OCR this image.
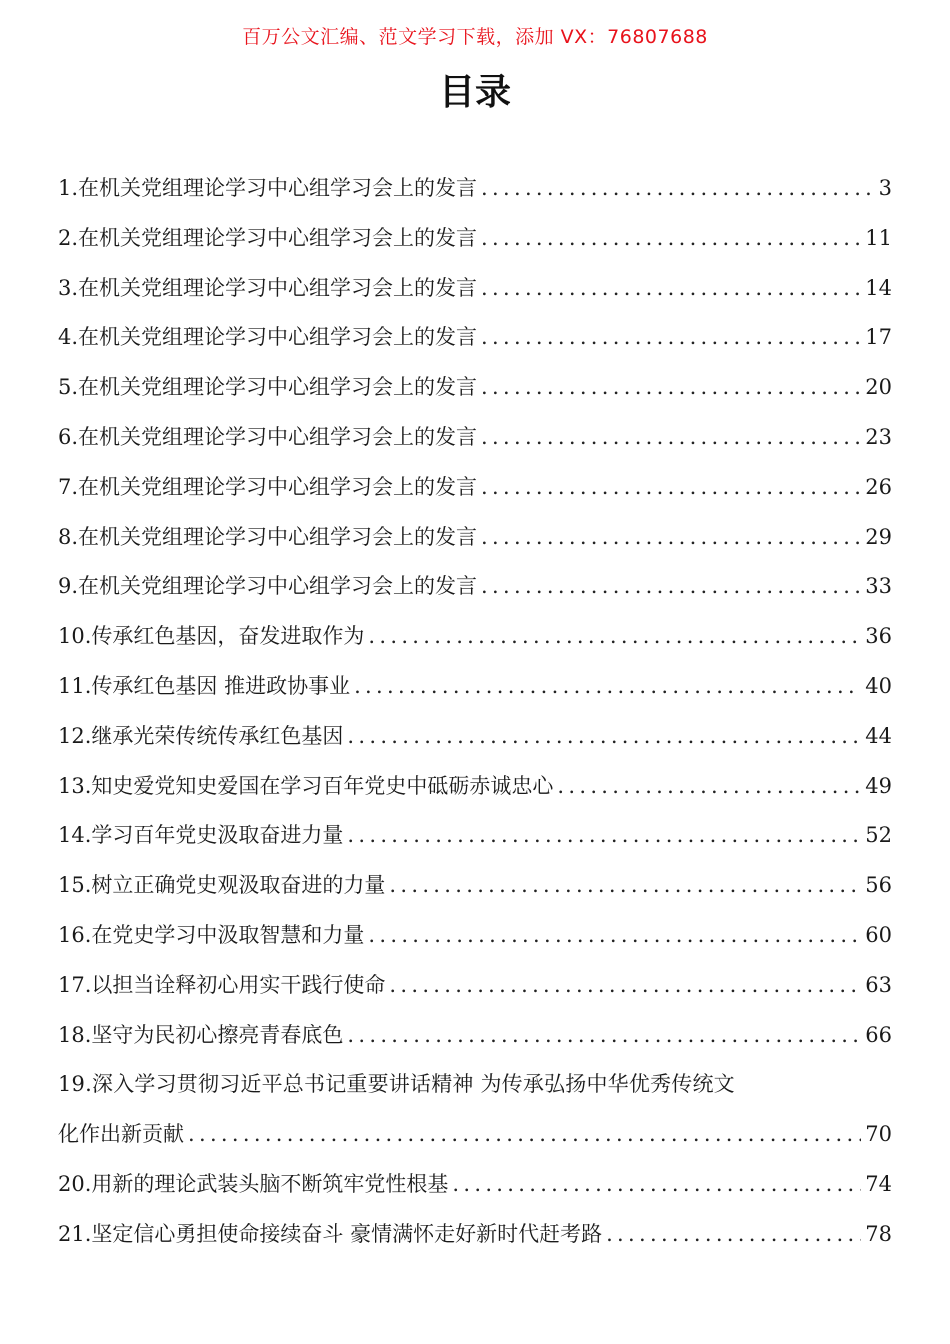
百万公文汇编、范文学习下载，添加 VX：76807688
目录
1.在机关党组理论学习中心组学习会上的发言 .....	3
2.在机关党组理论学习中心组学习会上的发言 .....	11
3.在机关党组理论学习中心组学习会上的发言 .....	14
4.在机关党组理论学习中心组学习会上的发言 .....	17
5.在机关党组理论学习中心组学习会上的发言 .....	20
6.在机关党组理论学习中心组学习会上的发言 .....	23
7.在机关党组理论学习中心组学习会上的发言 .....	26
8.在机关党组理论学习中心组学习会上的发言 .....	29
9.在机关党组理论学习中心组学习会上的发言 .....	33
10.传承红色基因，奋发进取作为 .....	36
11.传承红色基因 推进政协事业 .....	40
12.继承光荣传统传承红色基因 .....	44
13.知史爱党知史爱国在学习百年党史中砥砺赤诚忠心 .....	49
14.学习百年党史汲取奋进力量 .....	52
15.树立正确党史观汲取奋进的力量 .....	56
16.在党史学习中汲取智慧和力量 .....	60
17.以担当诠释初心用实干践行使命 .....	63
18.坚守为民初心擦亮青春底色 .....	66
19.深入学习贯彻习近平总书记重要讲话精神 为传承弘扬中华优秀传统文
化作出新贡献 .....	70
20.用新的理论武装头脑不断筑牢党性根基 .....	74
21.坚定信心勇担使命接续奋斗 豪情满怀走好新时代赶考路 .....	78
